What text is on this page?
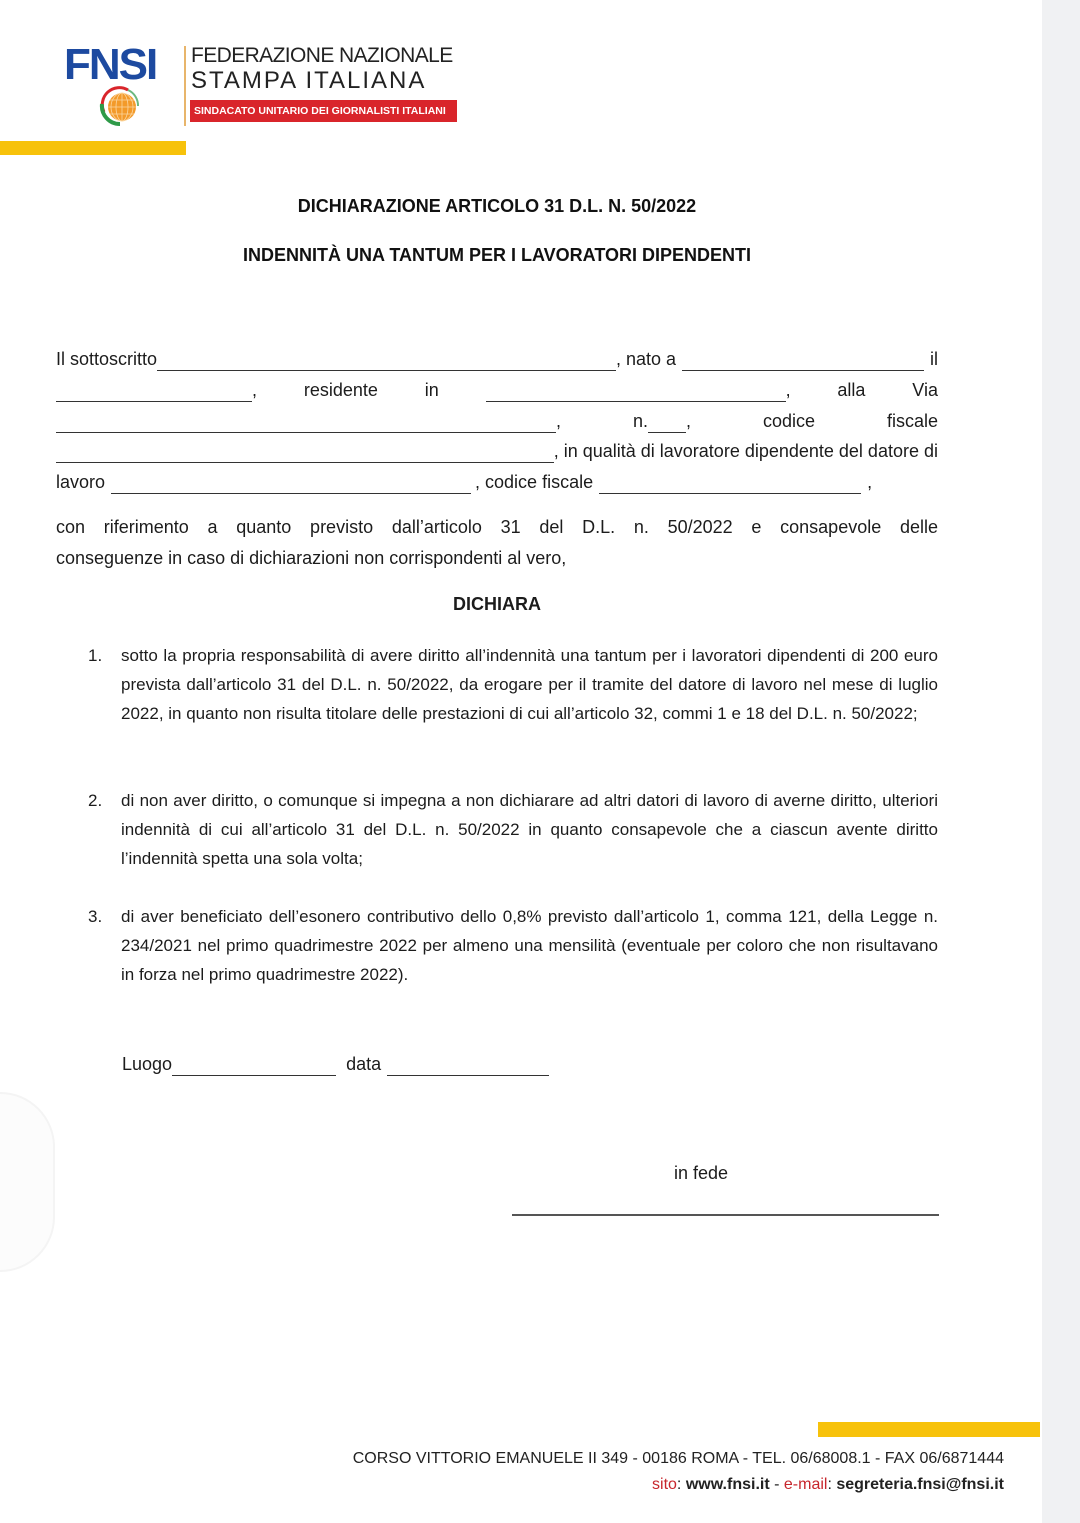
FNSI FEDERAZIONE NAZIONALE
STAMPA ITALIANA
SINDACATO UNITARIO DEI GIORNALISTI ITALIANI
DICHIARAZIONE ARTICOLO 31 D.L. N. 50/2022
INDENNITÀ UNA TANTUM PER I LAVORATORI DIPENDENTI
Il sottoscritto	, nato a	il
,	residente	in	,	alla	Via
,	n. ,	codice	fiscale
, in qualità di lavoratore dipendente del datore di
lavoro	, codice fiscale	,
con riferimento a quanto previsto dall’articolo 31 del D.L. n. 50/2022 e consapevole delle
conseguenze in caso di dichiarazioni non corrispondenti al vero,
DICHIARA
1. sotto la propria responsabilità di avere diritto all’indennità una tantum per i lavoratori dipendenti di 200 euro prevista dall’articolo 31 del D.L. n. 50/2022, da erogare per il tramite del datore di lavoro nel mese di luglio 2022, in quanto non risulta titolare delle prestazioni di cui all’articolo 32, commi 1 e 18 del D.L. n. 50/2022;
2. di non aver diritto, o comunque si impegna a non dichiarare ad altri datori di lavoro di averne diritto, ulteriori indennità di cui all’articolo 31 del D.L. n. 50/2022 in quanto consapevole che a ciascun avente diritto l’indennità spetta una sola volta;
3. di aver beneficiato dell’esonero contributivo dello 0,8% previsto dall’articolo 1, comma 121, della Legge n. 234/2021 nel primo quadrimestre 2022 per almeno una mensilità (eventuale per coloro che non risultavano in forza nel primo quadrimestre 2022).
Luogo	data
in fede
CORSO VITTORIO EMANUELE II 349 - 00186 ROMA - TEL. 06/68008.1 - FAX 06/6871444
sito: www.fnsi.it - e-mail: segreteria.fnsi@fnsi.it
